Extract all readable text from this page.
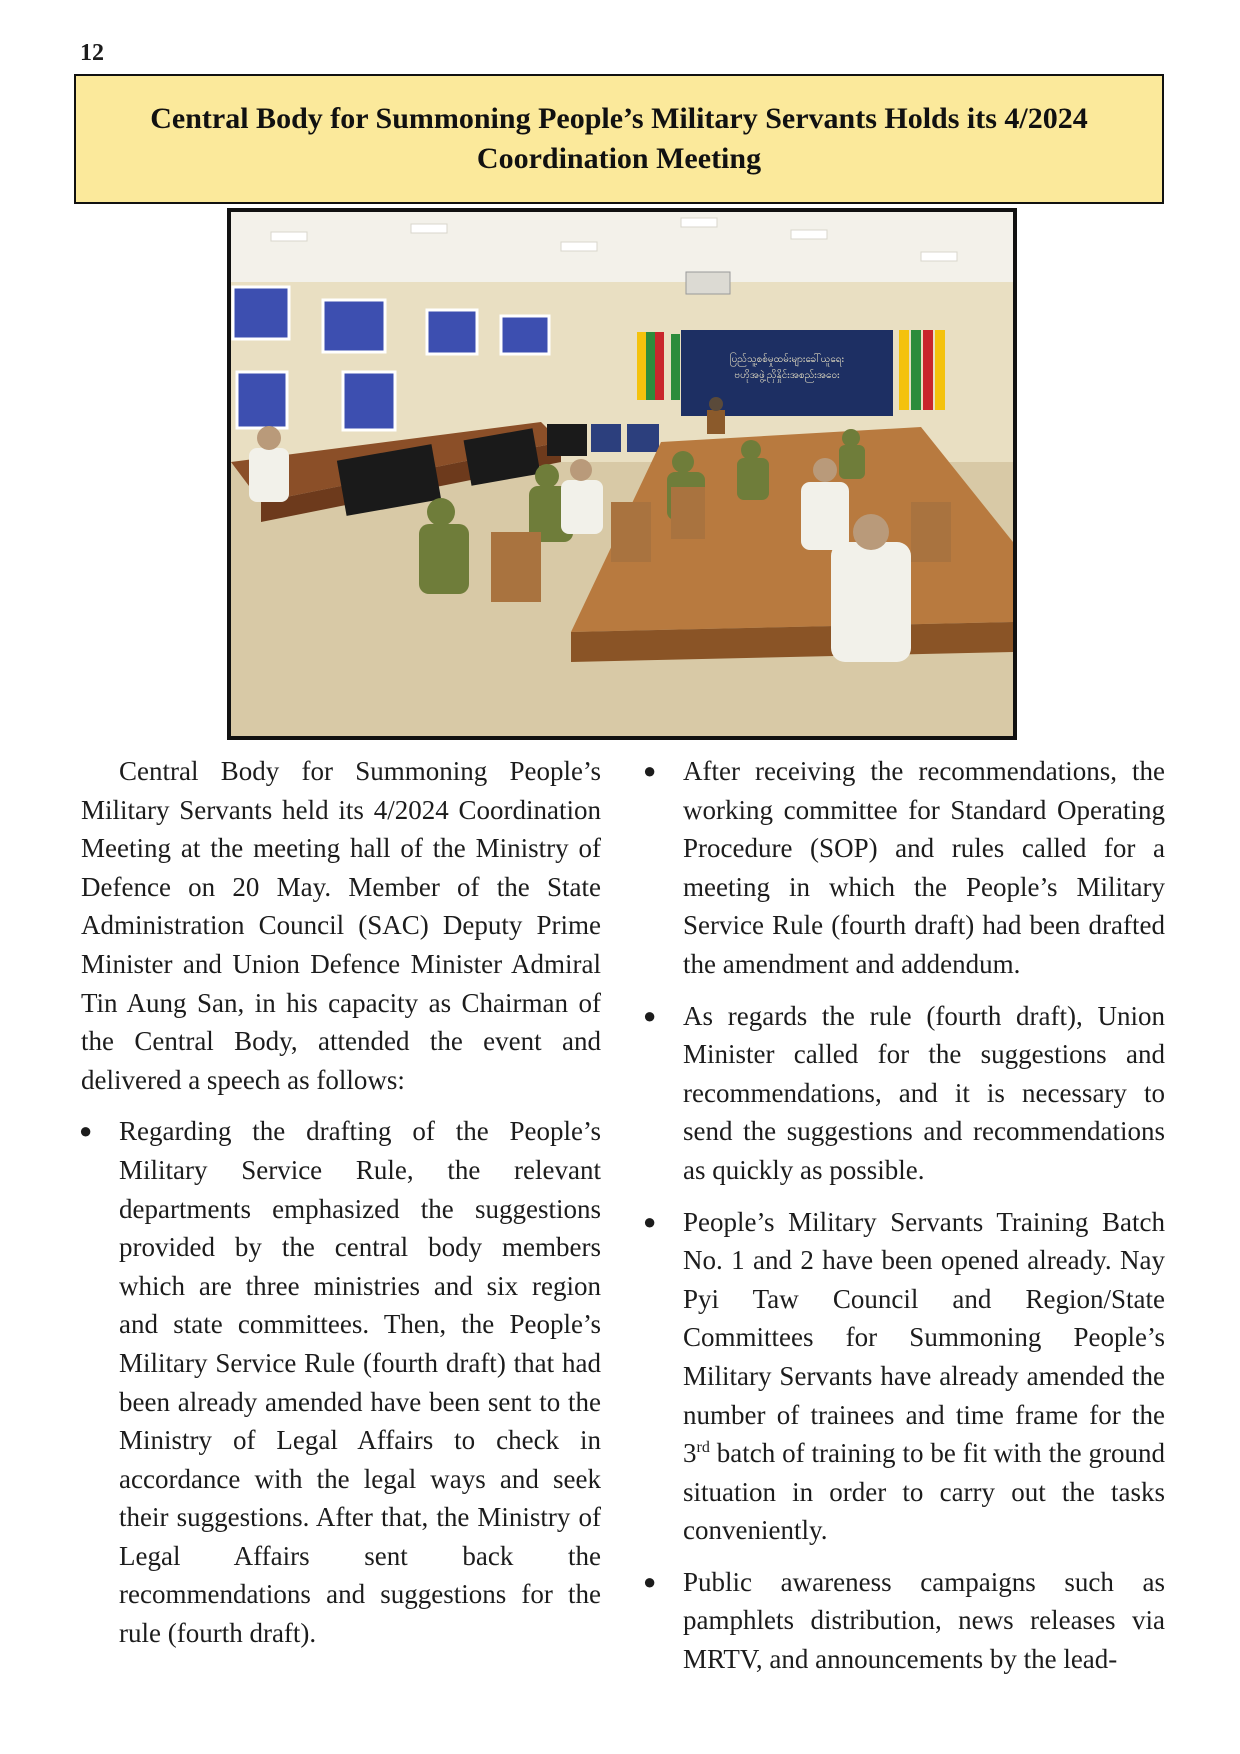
12
Central Body for Summoning People’s Military Servants Holds its 4/2024 Coordination Meeting
ပြည်သူ့စစ်မှုထမ်းများခေါ်ယူရေး
ဗဟိုအဖွဲ့ညှိနှိုင်းအစည်းအဝေး

Central Body for Summoning People’s Military Servants held its 4/2024 Coordination Meeting at the meeting hall of the Ministry of Defence on 20 May. Member of the State Administration Council (SAC) Deputy Prime Minister and Union Defence Minister Admiral Tin Aung San, in his capacity as Chairman of the Central Body, attended the event and delivered a speech as follows:

● Regarding the drafting of the People’s Military Service Rule, the relevant departments emphasized the suggestions provided by the central body members which are three ministries and six region and state committees. Then, the People’s Military Service Rule (fourth draft) that had been already amended have been sent to the Ministry of Legal Affairs to check in accordance with the legal ways and seek their suggestions. After that, the Ministry of Legal Affairs sent back the recommendations and suggestions for the rule (fourth draft).
● After receiving the recommendations, the working committee for Standard Operating Procedure (SOP) and rules called for a meeting in which the People’s Military Service Rule (fourth draft) had been drafted the amendment and addendum.
● As regards the rule (fourth draft), Union Minister called for the suggestions and recommendations, and it is necessary to send the suggestions and recommendations as quickly as possible.
● People’s Military Servants Training Batch No. 1 and 2 have been opened already. Nay Pyi Taw Council and Region/State Committees for Summoning People’s Military Servants have already amended the number of trainees and time frame for the 3rd batch of training to be fit with the ground situation in order to carry out the tasks conveniently.
● Public awareness campaigns such as pamphlets distribution, news releases via MRTV, and announcements by the lead-
